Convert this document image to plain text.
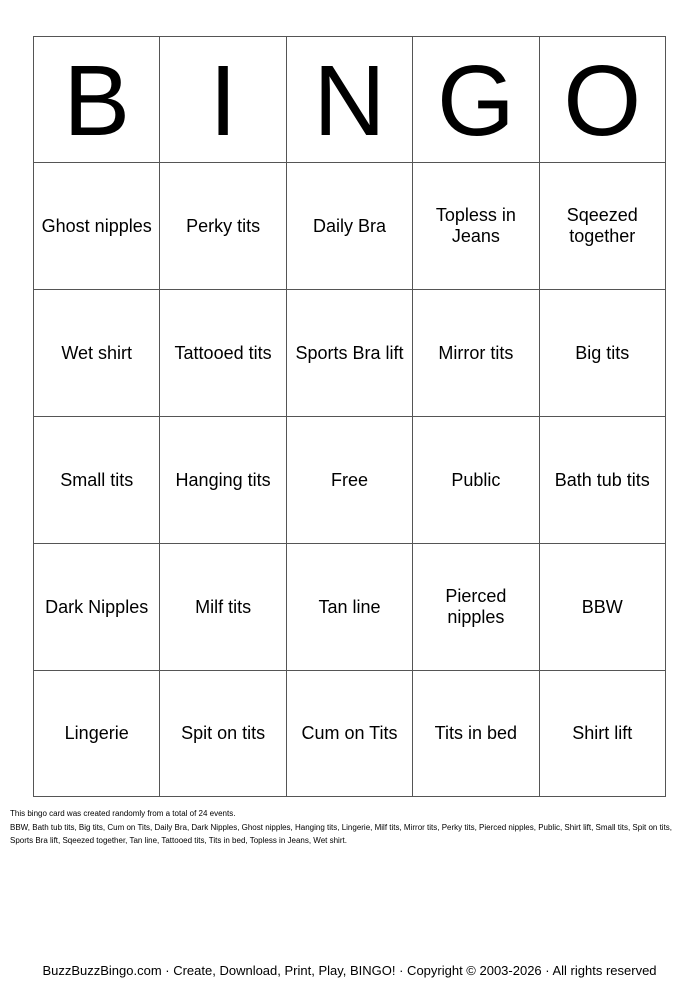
B	I	N	G	O

Ghost nipples	Perky tits	Daily Bra	Topless in Jeans	Sqeezed together
Wet shirt	Tattooed tits	Sports Bra lift	Mirror tits	Big tits
Small tits	Hanging tits	Free	Public	Bath tub tits
Dark Nipples	Milf tits	Tan line	Pierced nipples	BBW
Lingerie	Spit on tits	Cum on Tits	Tits in bed	Shirt lift

This bingo card was created randomly from a total of 24 events.

BBW, Bath tub tits, Big tits, Cum on Tits, Daily Bra, Dark Nipples, Ghost nipples, Hanging tits, Lingerie, Milf tits, Mirror tits, Perky tits, Pierced nipples, Public, Shirt lift, Small tits, Spit on tits, Sports Bra lift, Sqeezed together, Tan line, Tattooed tits, Tits in bed, Topless in Jeans, Wet shirt.

BuzzBuzzBingo.com · Create, Download, Print, Play, BINGO! · Copyright © 2003-2026 · All rights reserved
